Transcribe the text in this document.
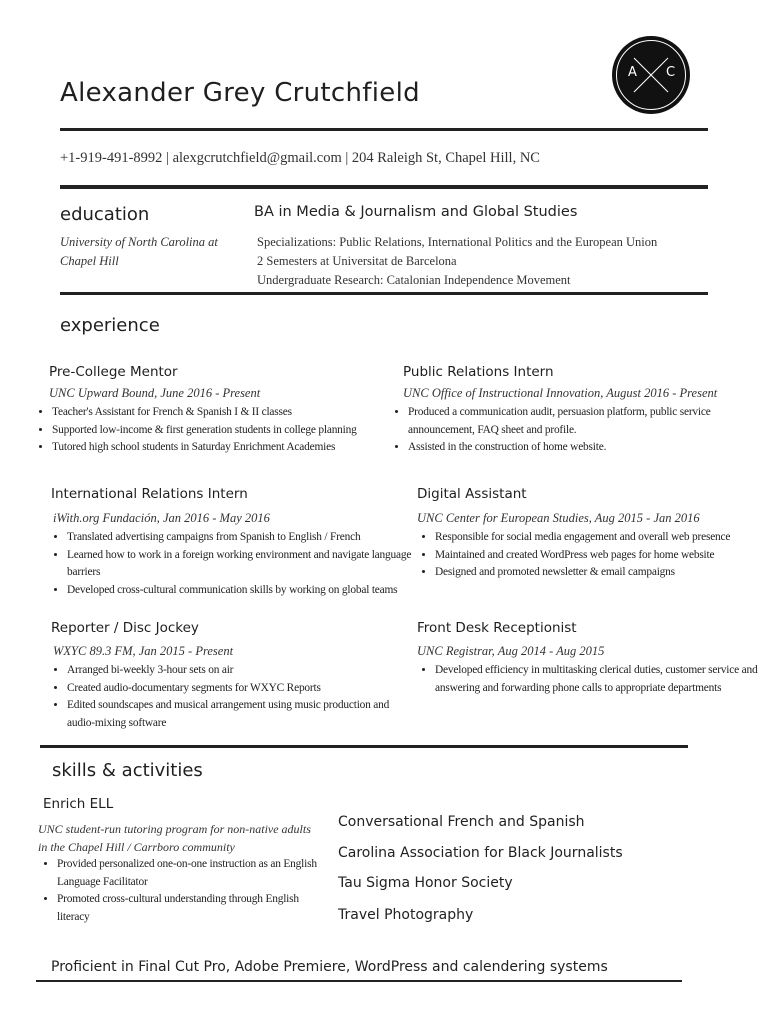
A C
Alexander Grey Crutchfield
+1-919-491-8992 | alexgcrutchfield@gmail.com | 204 Raleigh St, Chapel Hill, NC
education	BA in Media & Journalism and Global Studies
University of North Carolina at
Chapel Hill
Specializations: Public Relations, International Politics and the European Union
2 Semesters at Universitat de Barcelona
Undergraduate Research: Catalonian Independence Movement
experience
Pre-College Mentor
UNC Upward Bound, June 2016 - Present
• Teacher's Assistant for French & Spanish I & II classes
• Supported low-income & first generation students in college planning
• Tutored high school students in Saturday Enrichment Academies
Public Relations Intern
UNC Office of Instructional Innovation, August 2016 - Present
• Produced a communication audit, persuasion platform, public service announcement, FAQ sheet and profile.
• Assisted in the construction of home website.
International Relations Intern
iWith.org Fundación, Jan 2016 - May 2016
• Translated advertising campaigns from Spanish to English / French
• Learned how to work in a foreign working environment and navigate language barriers
• Developed cross-cultural communication skills by working on global teams
Digital Assistant
UNC Center for European Studies, Aug 2015 - Jan 2016
• Responsible for social media engagement and overall web presence
• Maintained and created WordPress web pages for home website
• Designed and promoted newsletter & email campaigns
Reporter / Disc Jockey
WXYC 89.3 FM, Jan 2015 - Present
• Arranged bi-weekly 3-hour sets on air
• Created audio-documentary segments for WXYC Reports
• Edited soundscapes and musical arrangement using music production and audio-mixing software
Front Desk Receptionist
UNC Registrar, Aug 2014 - Aug 2015
• Developed efficiency in multitasking clerical duties, customer service and answering and forwarding phone calls to appropriate departments
skills & activities
Enrich ELL
UNC student-run tutoring program for non-native adults in the Chapel Hill / Carrboro community
• Provided personalized one-on-one instruction as an English Language Facilitator
• Promoted cross-cultural understanding through English literacy
Conversational French and Spanish
Carolina Association for Black Journalists
Tau Sigma Honor Society
Travel Photography
Proficient in Final Cut Pro, Adobe Premiere, WordPress and calendering systems
